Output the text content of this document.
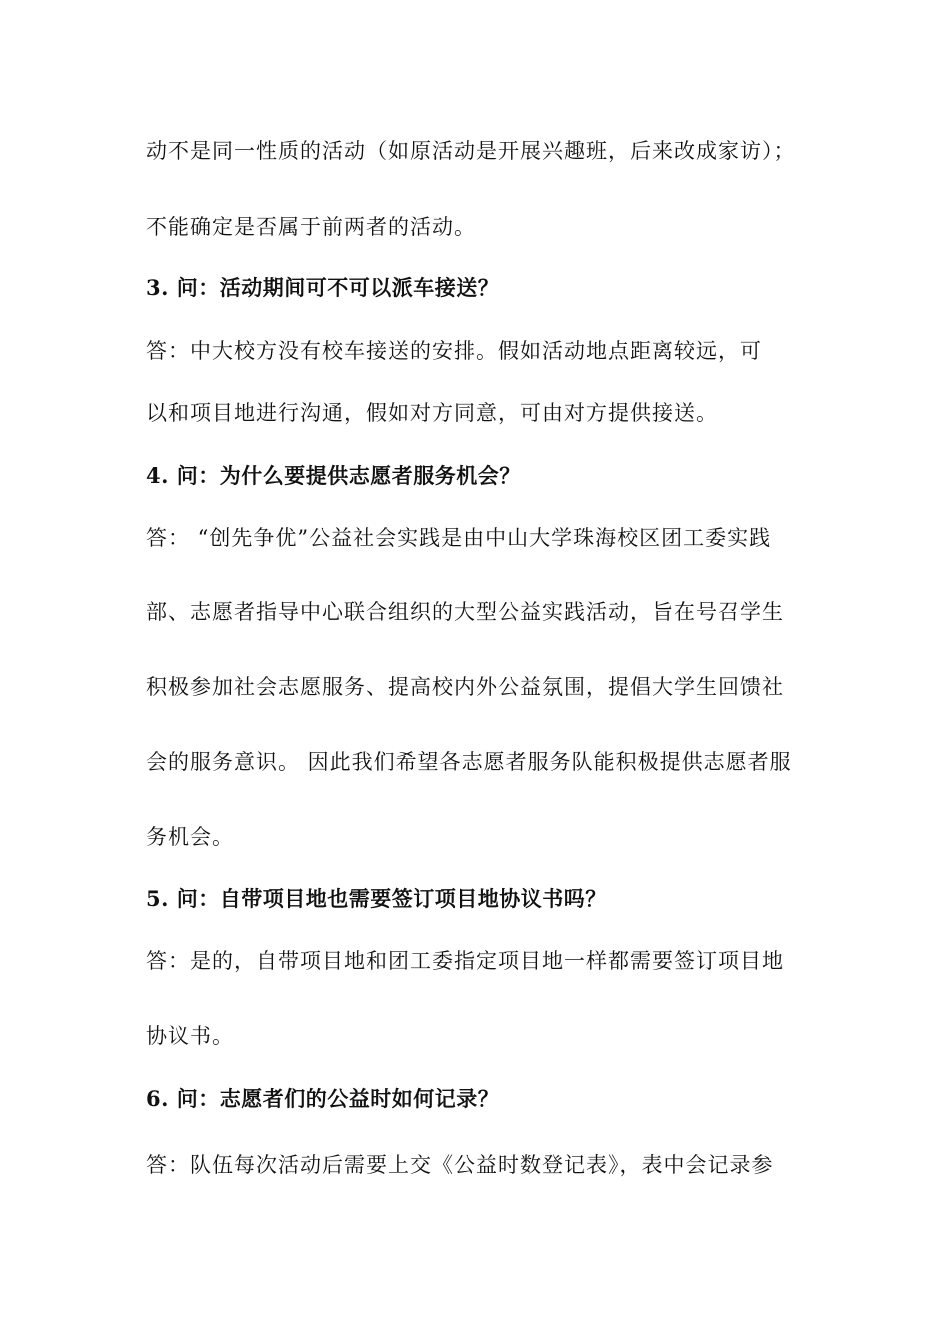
动不是同一性质的活动（如原活动是开展兴趣班，后来改成家访）；
不能确定是否属于前两者的活动。
3. 问：活动期间可不可以派车接送？
答：中大校方没有校车接送的安排。假如活动地点距离较远，可
以和项目地进行沟通，假如对方同意，可由对方提供接送。
4. 问：为什么要提供志愿者服务机会？
答： “创先争优”公益社会实践是由中山大学珠海校区团工委实践
部、志愿者指导中心联合组织的大型公益实践活动，旨在号召学生
积极参加社会志愿服务、提高校内外公益氛围，提倡大学生回馈社
会的服务意识。 因此我们希望各志愿者服务队能积极提供志愿者服
务机会。
5. 问：自带项目地也需要签订项目地协议书吗？
答：是的，自带项目地和团工委指定项目地一样都需要签订项目地
协议书。
6. 问：志愿者们的公益时如何记录？
答：队伍每次活动后需要上交《公益时数登记表》，表中会记录参
